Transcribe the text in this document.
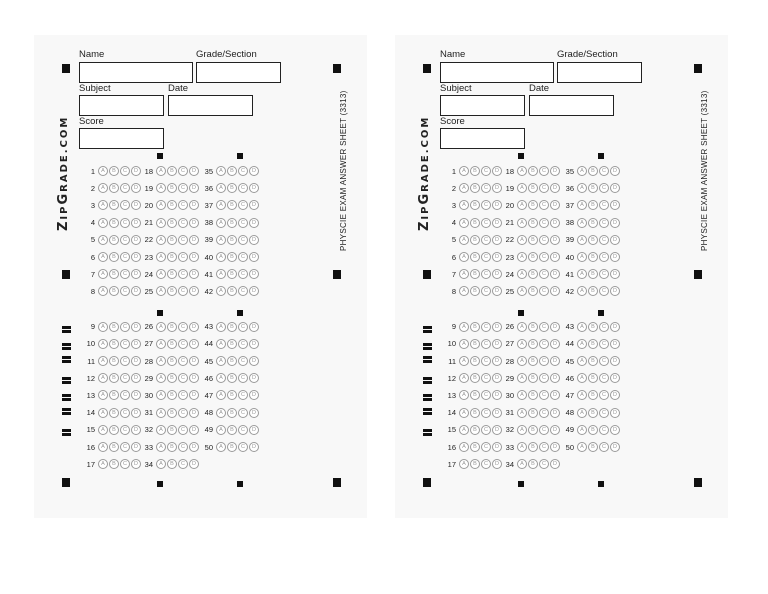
Name	Grade/Section
Subject	Date
Score
ZIPGRADE.COM	PHYSCIE EXAM ANSWER SHEET (3313)
1	A	B	C	D
2	A	B	C	D
3	A	B	C	D
4	A	B	C	D
5	A	B	C	D
6	A	B	C	D
7	A	B	C	D
8	A	B	C	D
9	A	B	C	D
10	A	B	C	D
11	A	B	C	D
12	A	B	C	D
13	A	B	C	D
14	A	B	C	D
15	A	B	C	D
16	A	B	C	D
17	A	B	C	D
18	A	B	C	D
19	A	B	C	D
20	A	B	C	D
21	A	B	C	D
22	A	B	C	D
23	A	B	C	D
24	A	B	C	D
25	A	B	C	D
26	A	B	C	D
27	A	B	C	D
28	A	B	C	D
29	A	B	C	D
30	A	B	C	D
31	A	B	C	D
32	A	B	C	D
33	A	B	C	D
34	A	B	C	D
35	A	B	C	D
36	A	B	C	D
37	A	B	C	D
38	A	B	C	D
39	A	B	C	D
40	A	B	C	D
41	A	B	C	D
42	A	B	C	D
43	A	B	C	D
44	A	B	C	D
45	A	B	C	D
46	A	B	C	D
47	A	B	C	D
48	A	B	C	D
49	A	B	C	D
50	A	B	C	D
Name	Grade/Section
Subject	Date
Score
ZIPGRADE.COM	PHYSCIE EXAM ANSWER SHEET (3313)
1	A	B	C	D
2	A	B	C	D
3	A	B	C	D
4	A	B	C	D
5	A	B	C	D
6	A	B	C	D
7	A	B	C	D
8	A	B	C	D
9	A	B	C	D
10	A	B	C	D
11	A	B	C	D
12	A	B	C	D
13	A	B	C	D
14	A	B	C	D
15	A	B	C	D
16	A	B	C	D
17	A	B	C	D
18	A	B	C	D
19	A	B	C	D
20	A	B	C	D
21	A	B	C	D
22	A	B	C	D
23	A	B	C	D
24	A	B	C	D
25	A	B	C	D
26	A	B	C	D
27	A	B	C	D
28	A	B	C	D
29	A	B	C	D
30	A	B	C	D
31	A	B	C	D
32	A	B	C	D
33	A	B	C	D
34	A	B	C	D
35	A	B	C	D
36	A	B	C	D
37	A	B	C	D
38	A	B	C	D
39	A	B	C	D
40	A	B	C	D
41	A	B	C	D
42	A	B	C	D
43	A	B	C	D
44	A	B	C	D
45	A	B	C	D
46	A	B	C	D
47	A	B	C	D
48	A	B	C	D
49	A	B	C	D
50	A	B	C	D
